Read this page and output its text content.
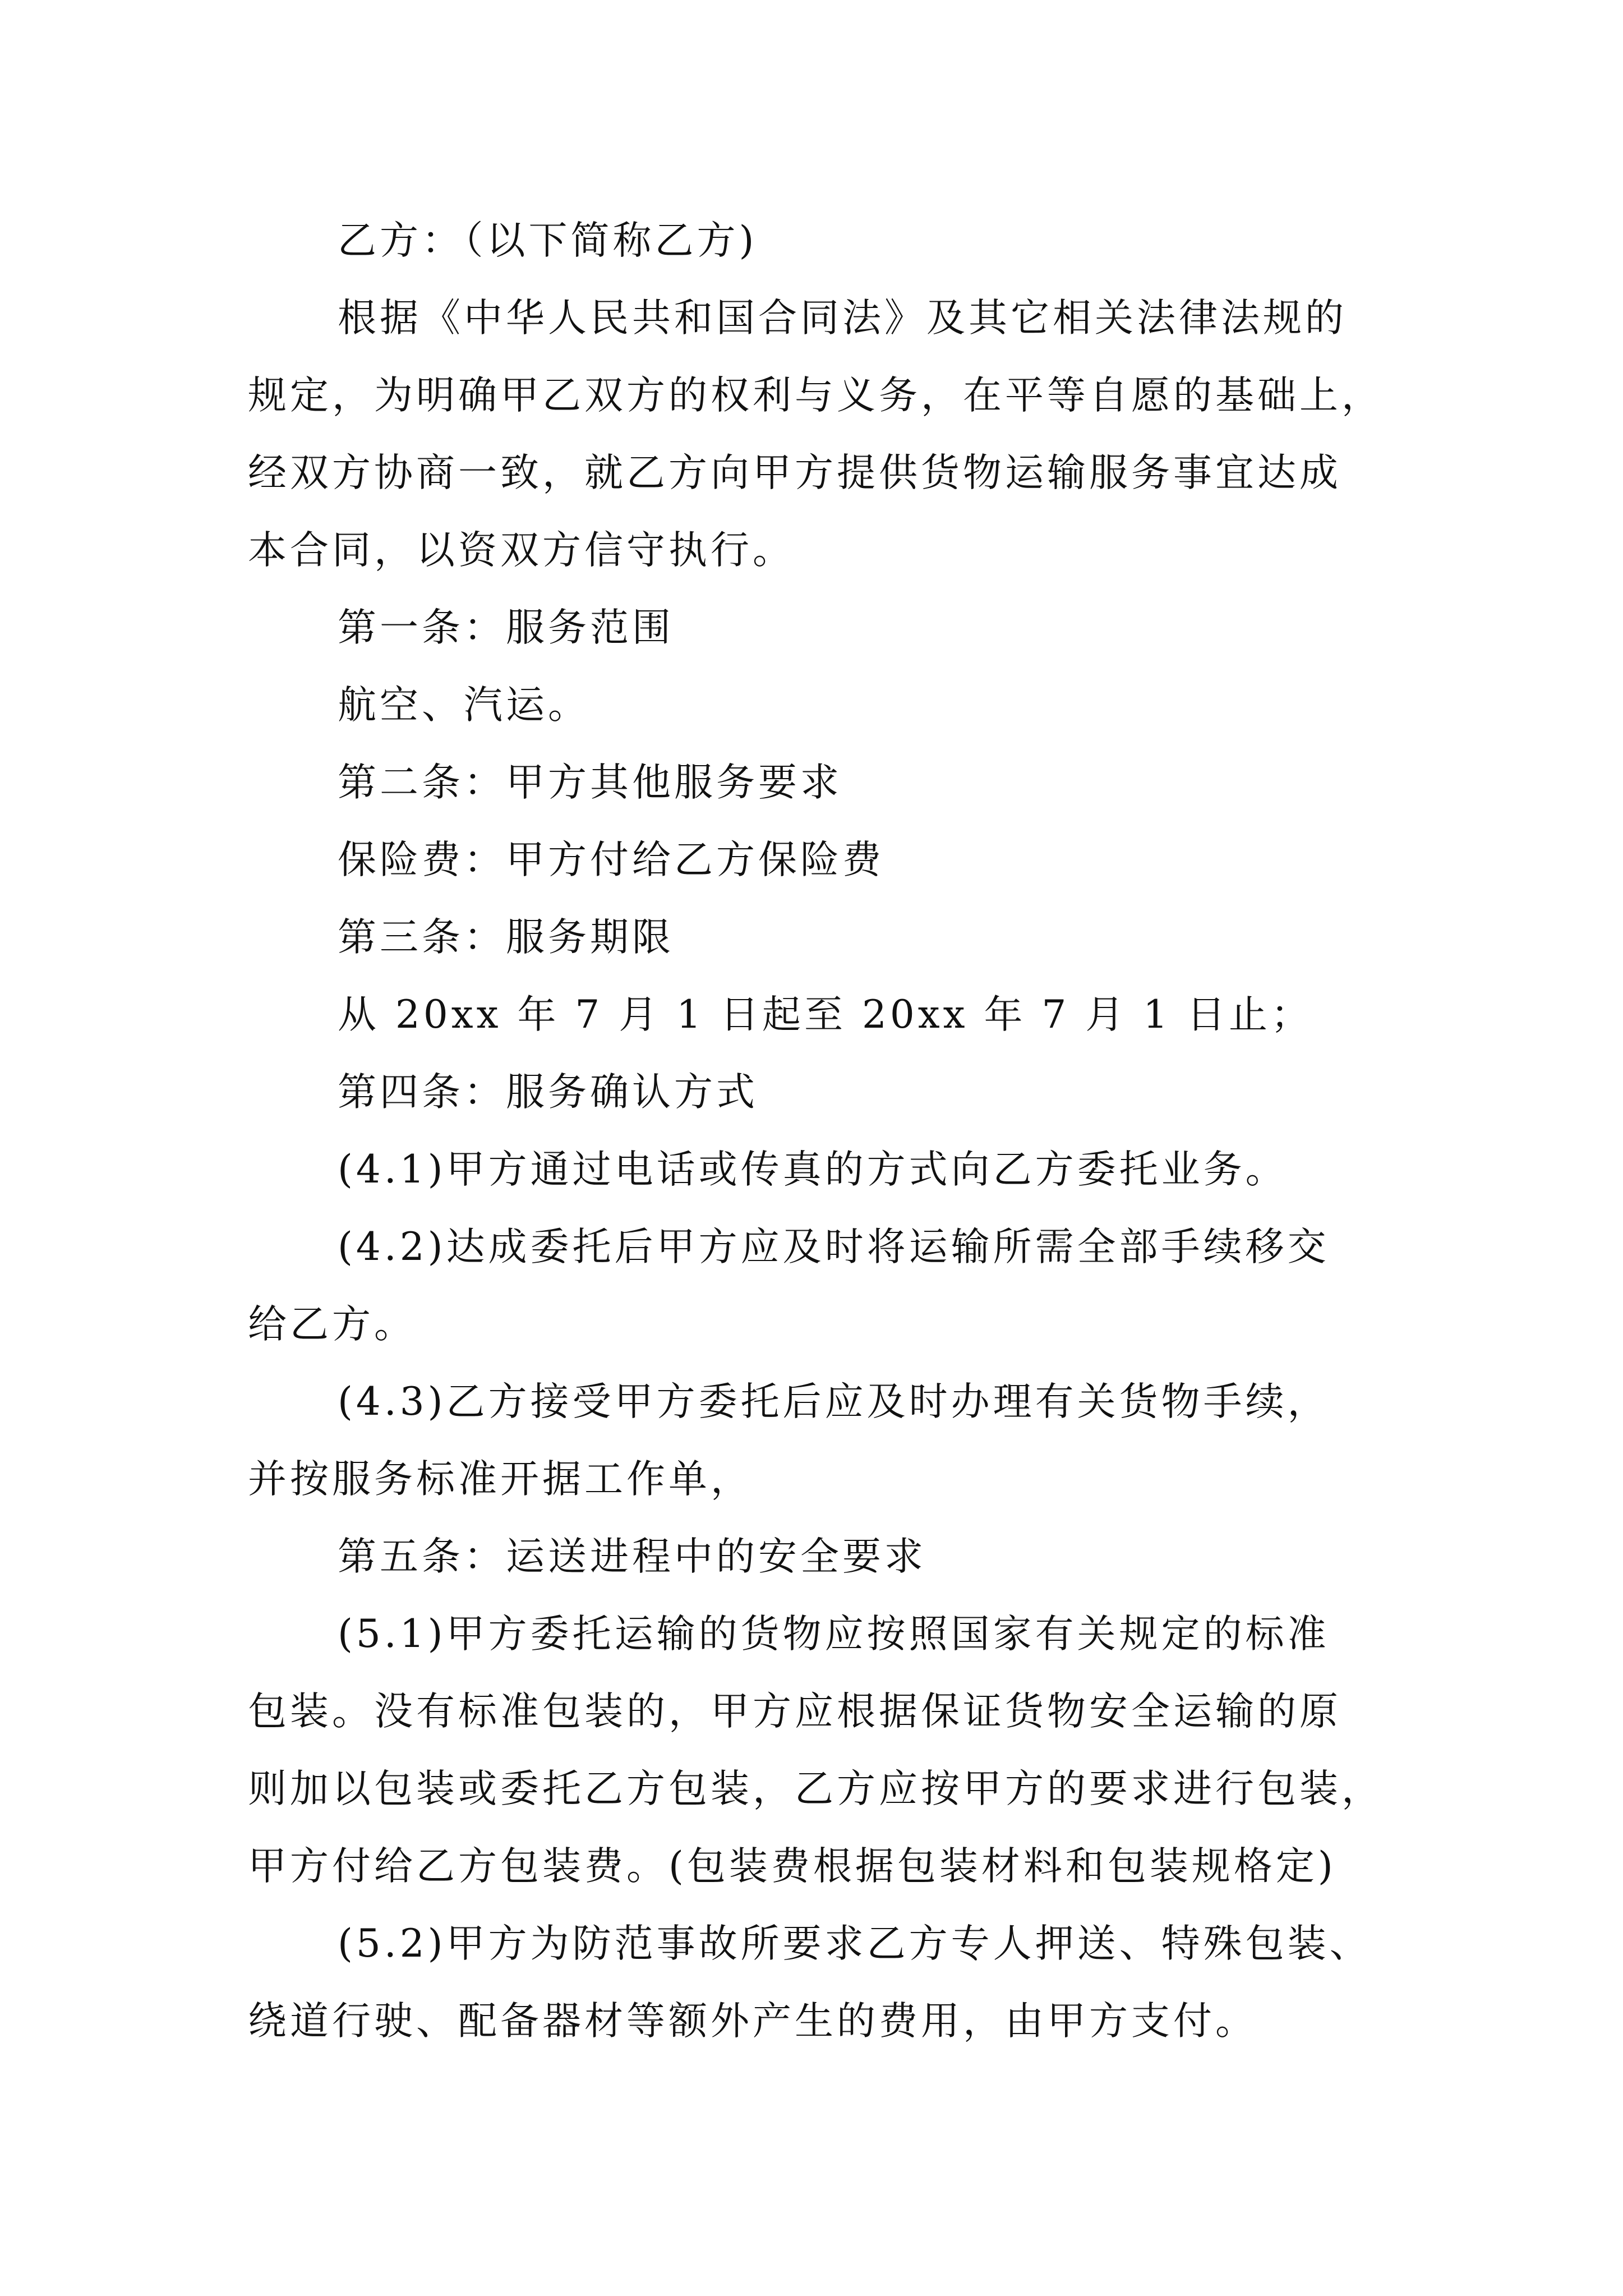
乙方：（以下简称乙方)
根据《中华人民共和国合同法》及其它相关法律法规的
规定，为明确甲乙双方的权利与义务，在平等自愿的基础上，
经双方协商一致，就乙方向甲方提供货物运输服务事宜达成
本合同，以资双方信守执行。
第一条：服务范围
航空、汽运。
第二条：甲方其他服务要求
保险费：甲方付给乙方保险费
第三条：服务期限
从 20xx 年 7 月 1 日起至 20xx 年 7 月 1 日止；
第四条：服务确认方式
(4.1)甲方通过电话或传真的方式向乙方委托业务。
(4.2)达成委托后甲方应及时将运输所需全部手续移交
给乙方。
(4.3)乙方接受甲方委托后应及时办理有关货物手续，
并按服务标准开据工作单，
第五条：运送进程中的安全要求
(5.1)甲方委托运输的货物应按照国家有关规定的标准
包装。没有标准包装的，甲方应根据保证货物安全运输的原
则加以包装或委托乙方包装，乙方应按甲方的要求进行包装，
甲方付给乙方包装费。(包装费根据包装材料和包装规格定)
(5.2)甲方为防范事故所要求乙方专人押送、特殊包装、
绕道行驶、配备器材等额外产生的费用，由甲方支付。
